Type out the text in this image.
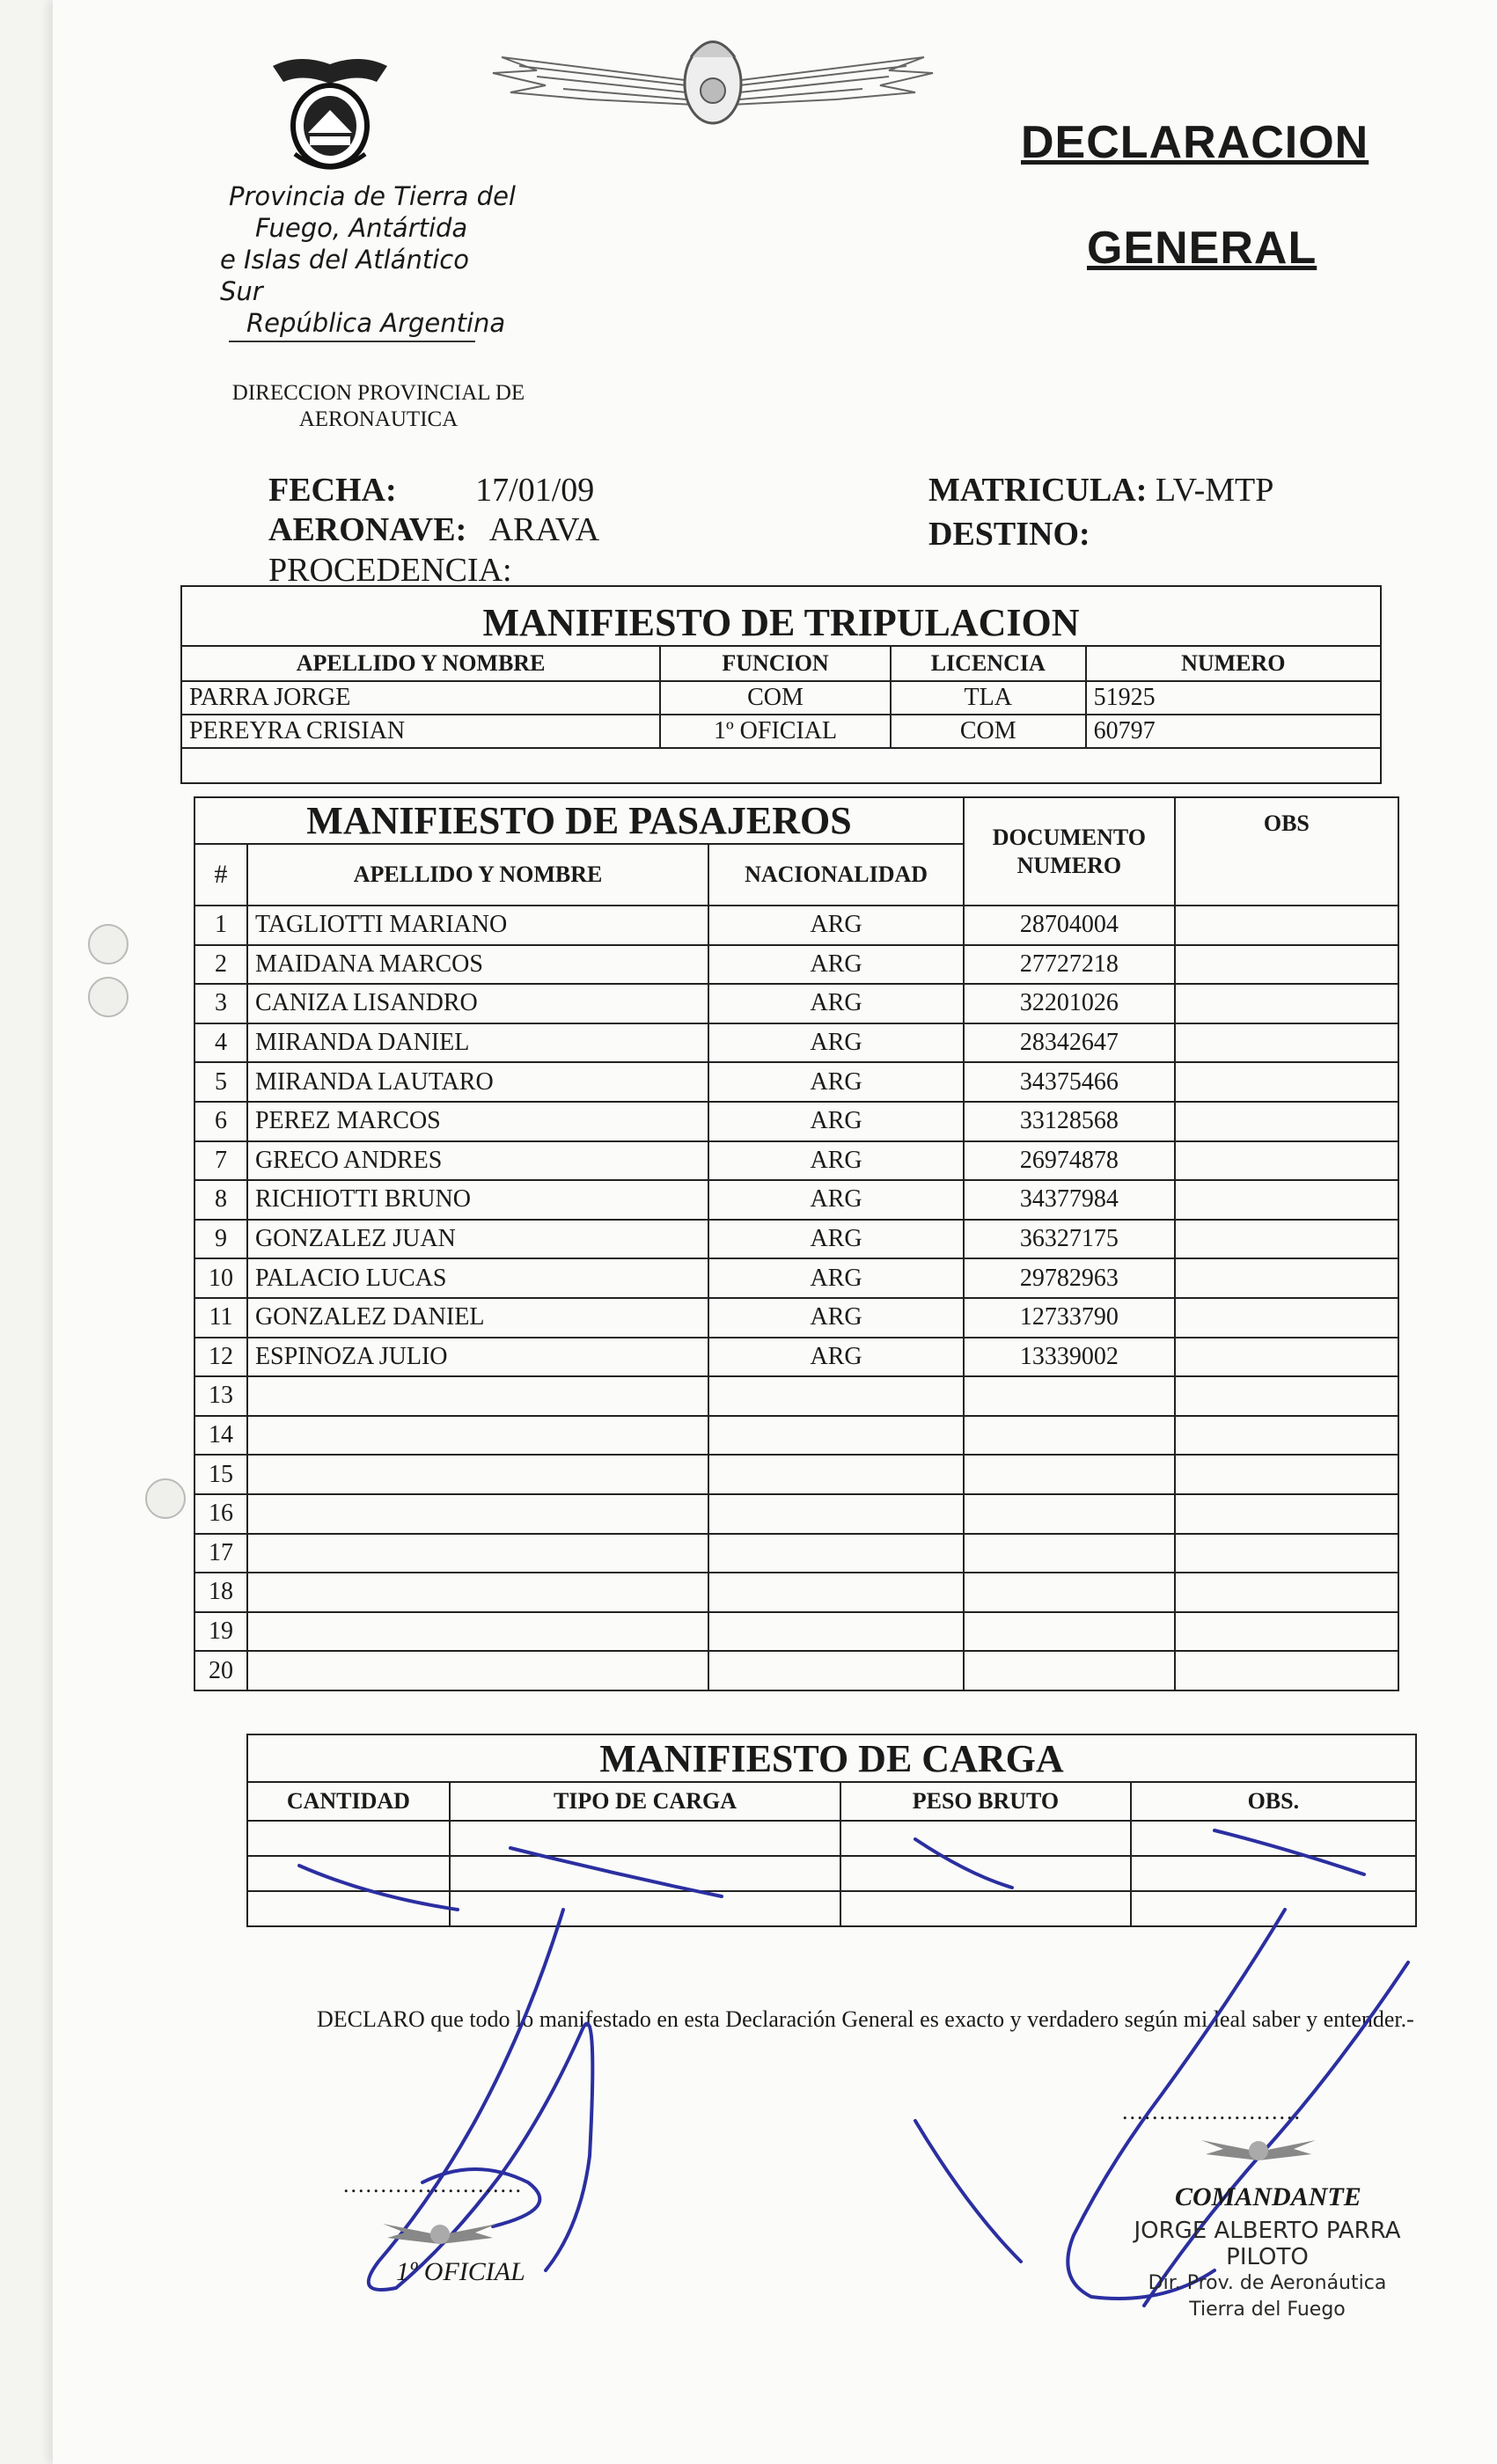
Provincia de Tierra del
Fuego, Antártida
e Islas del Atlántico Sur
República Argentina
DIRECCION PROVINCIAL DE
AERONAUTICA
DECLARACION
GENERAL
FECHA: 17/01/09
AERONAVE: ARAVA
PROCEDENCIA:
MATRICULA: LV-MTP
DESTINO:
MANIFIESTO DE TRIPULACION			
APELLIDO Y NOMBRE	FUNCION	LICENCIA	NUMERO
PARRA JORGE	COM	TLA	51925
PEREYRA CRISIAN	1º OFICIAL	COM	60797

MANIFIESTO DE PASAJEROS			DOCUMENTO NUMERO	OBS
#	APELLIDO Y NOMBRE	NACIONALIDAD		
1	TAGLIOTTI MARIANO	ARG	28704004	
2	MAIDANA MARCOS	ARG	27727218	
3	CANIZA LISANDRO	ARG	32201026	
4	MIRANDA DANIEL	ARG	28342647	
5	MIRANDA LAUTARO	ARG	34375466	
6	PEREZ MARCOS	ARG	33128568	
7	GRECO ANDRES	ARG	26974878	
8	RICHIOTTI BRUNO	ARG	34377984	
9	GONZALEZ JUAN	ARG	36327175	
10	PALACIO LUCAS	ARG	29782963	
11	GONZALEZ DANIEL	ARG	12733790	
12	ESPINOZA JULIO	ARG	13339002	
13				
14				
15				
16				
17				
18				
19				
20				
MANIFIESTO DE CARGA			
CANTIDAD	TIPO DE CARGA	PESO BRUTO	OBS.

DECLARO que todo lo manifestado en esta Declaración General es exacto y verdadero según mi leal saber y entender.-
........................
........................
1º OFICIAL
COMANDANTE
JORGE ALBERTO PARRA
PILOTO
Dir. Prov. de Aeronáutica
Tierra del Fuego
